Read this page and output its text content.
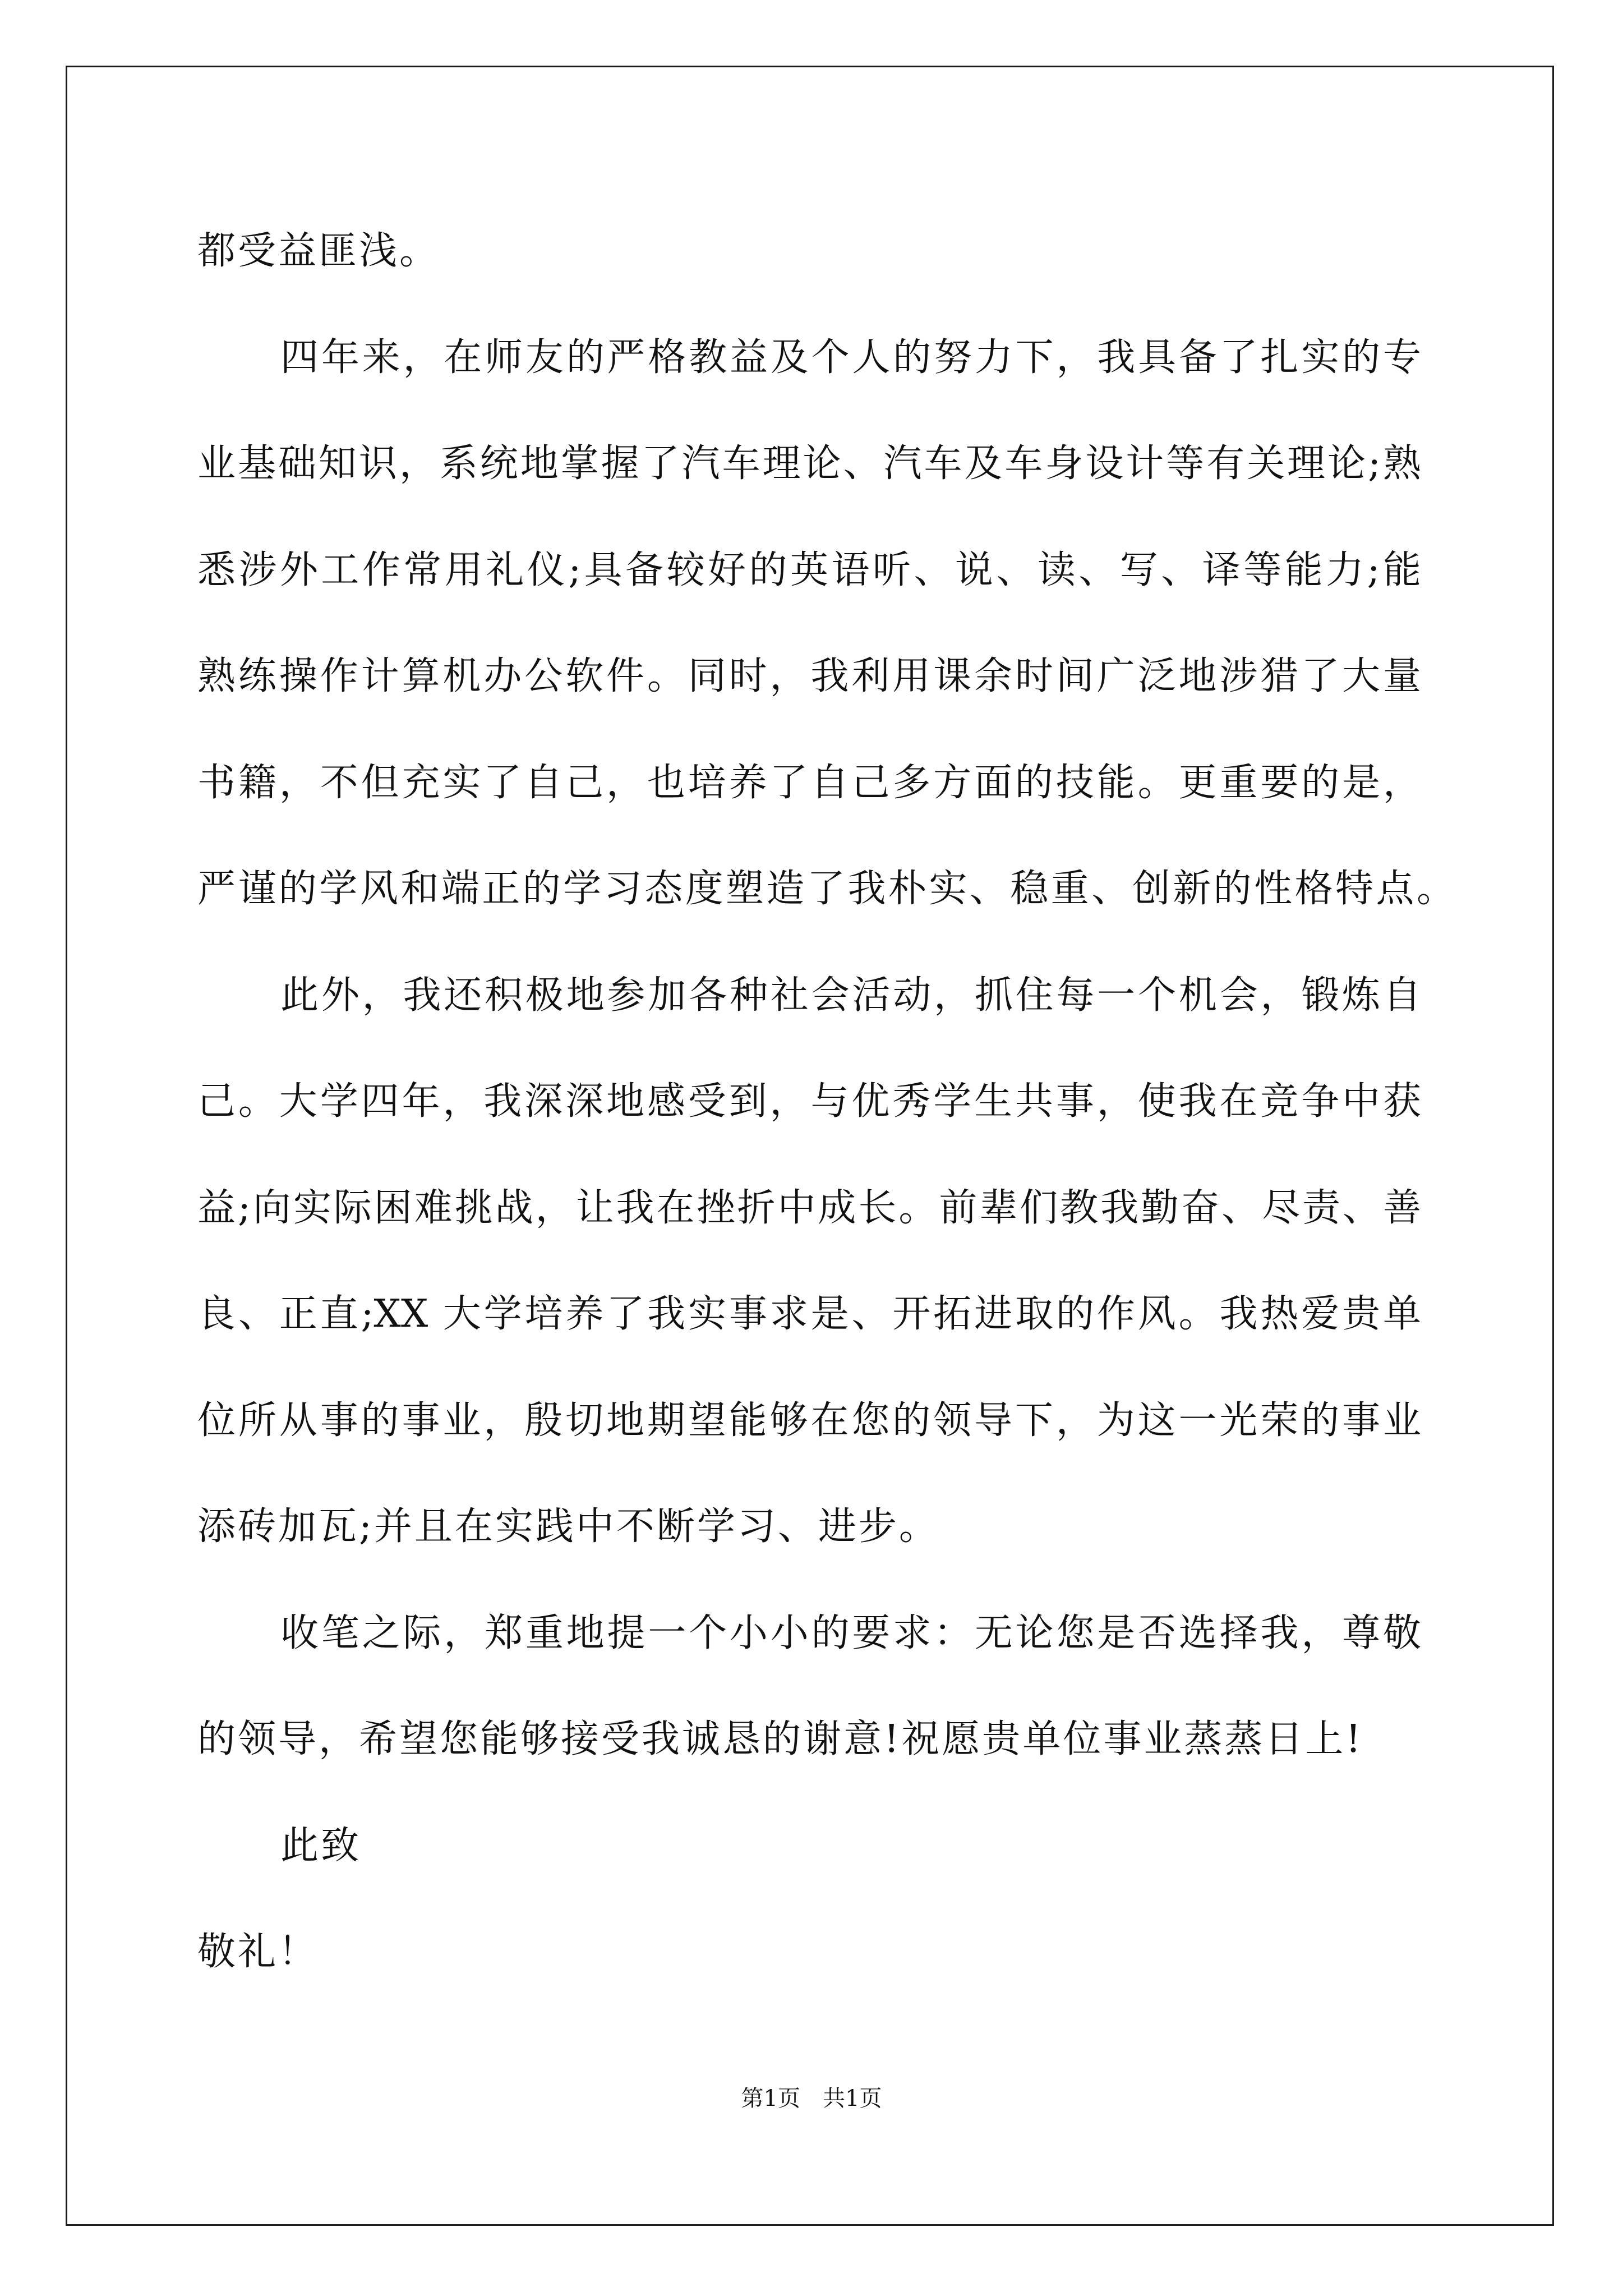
都受益匪浅。
四年来，在师友的严格教益及个人的努力下，我具备了扎实的专
业基础知识，系统地掌握了汽车理论、汽车及车身设计等有关理论;熟
悉涉外工作常用礼仪;具备较好的英语听、说、读、写、译等能力;能
熟练操作计算机办公软件。同时，我利用课余时间广泛地涉猎了大量
书籍，不但充实了自己，也培养了自己多方面的技能。更重要的是，
严谨的学风和端正的学习态度塑造了我朴实、稳重、创新的性格特点。
此外，我还积极地参加各种社会活动，抓住每一个机会，锻炼自
己。大学四年，我深深地感受到，与优秀学生共事，使我在竞争中获
益;向实际困难挑战，让我在挫折中成长。前辈们教我勤奋、尽责、善
良、正直;XX 大学培养了我实事求是、开拓进取的作风。我热爱贵单
位所从事的事业，殷切地期望能够在您的领导下，为这一光荣的事业
添砖加瓦;并且在实践中不断学习、进步。
收笔之际，郑重地提一个小小的要求：无论您是否选择我，尊敬
的领导，希望您能够接受我诚恳的谢意!祝愿贵单位事业蒸蒸日上!
此致
敬礼！
第1页　共1页
